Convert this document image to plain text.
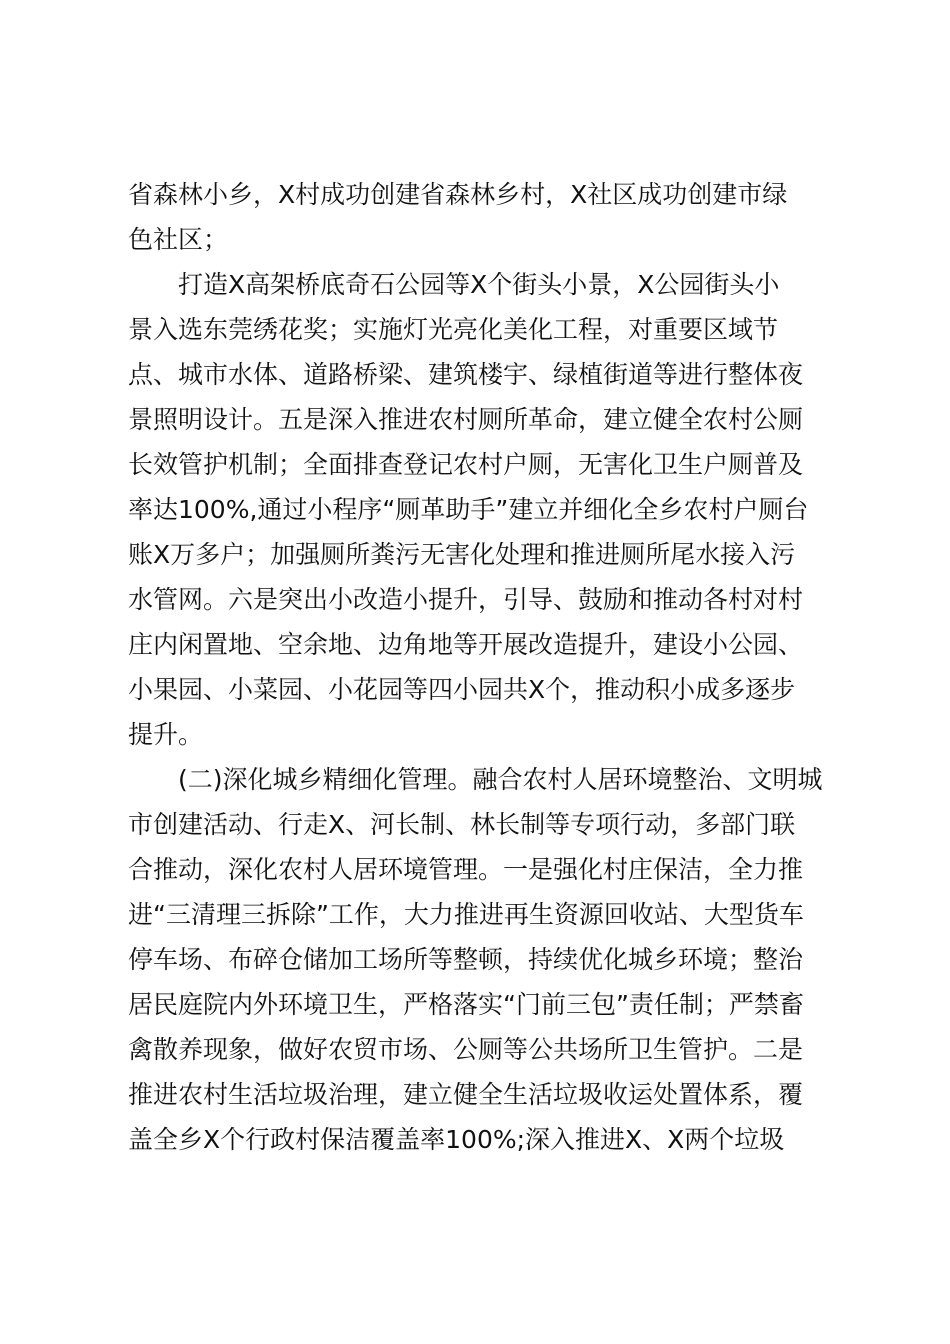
省森林小乡，X村成功创建省森林乡村，X社区成功创建市绿
色社区；
打造X高架桥底奇石公园等X个街头小景，X公园街头小
景入选东莞绣花奖；实施灯光亮化美化工程，对重要区域节
点、城市水体、道路桥梁、建筑楼宇、绿植街道等进行整体夜
景照明设计。五是深入推进农村厕所革命，建立健全农村公厕
长效管护机制；全面排查登记农村户厕，无害化卫生户厕普及
率达100%,通过小程序“厕革助手”建立并细化全乡农村户厕台
账X万多户；加强厕所粪污无害化处理和推进厕所尾水接入污
水管网。六是突出小改造小提升，引导、鼓励和推动各村对村
庄内闲置地、空余地、边角地等开展改造提升，建设小公园、
小果园、小菜园、小花园等四小园共X个，推动积小成多逐步
提升。
(二)深化城乡精细化管理。融合农村人居环境整治、文明城
市创建活动、行走X、河长制、林长制等专项行动，多部门联
合推动，深化农村人居环境管理。一是强化村庄保洁，全力推
进“三清理三拆除”工作，大力推进再生资源回收站、大型货车
停车场、布碎仓储加工场所等整顿，持续优化城乡环境；整治
居民庭院内外环境卫生，严格落实“门前三包”责任制；严禁畜
禽散养现象，做好农贸市场、公厕等公共场所卫生管护。二是
推进农村生活垃圾治理，建立健全生活垃圾收运处置体系，覆
盖全乡X个行政村保洁覆盖率100%;深入推进X、X两个垃圾
